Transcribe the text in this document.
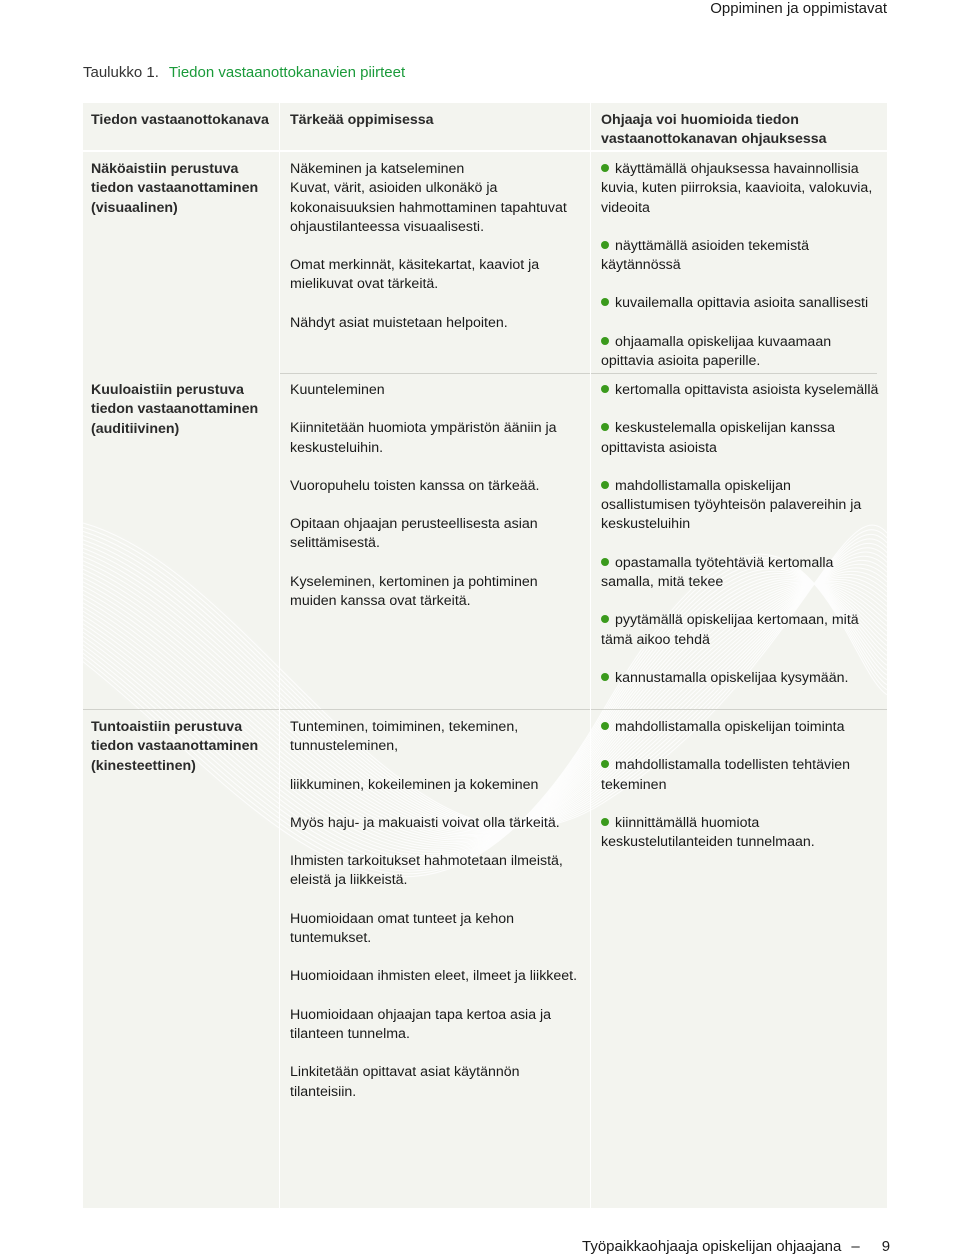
Oppiminen ja oppimistavat
Taulukko 1. Tiedon vastaanottokanavien piirteet
Tiedon vastaanottokanava Tärkeää oppimisessa	Ohjaaja voi huomioida tiedon vastaanottokanavan ohjauksessa
Näköaistiin perustuva tiedon vastaanottaminen (visuaalinen)

Näkeminen ja katseleminen
Kuvat, värit, asioiden ulkonäkö ja kokonaisuuksien hahmottaminen tapahtuvat ohjaustilanteessa visuaalisesti.

Omat merkinnät, käsitekartat, kaaviot ja mielikuvat ovat tärkeitä.

Nähdyt asiat muistetaan helpoiten.

käyttämällä ohjauksessa havainnollisia kuvia, kuten piirroksia, kaavioita, valokuvia, videoita
näyttämällä asioiden tekemistä käytännössä
kuvailemalla opittavia asioita sanallisesti
ohjaamalla opiskelijaa kuvaamaan opittavia asioita paperille.
Kuuloaistiin perustuva tiedon vastaanottaminen (auditiivinen)

Kuunteleminen

Kiinnitetään huomiota ympäristön ääniin ja keskusteluihin.

Vuoropuhelu toisten kanssa on tärkeää.

Opitaan ohjaajan perusteellisesta asian selittämisestä.

Kyseleminen, kertominen ja pohtiminen muiden kanssa ovat tärkeitä.

kertomalla opittavista asioista kyselemällä
keskustelemalla opiskelijan kanssa opittavista asioista
mahdollistamalla opiskelijan osallistumisen työyhteisön palavereihin ja keskusteluihin
opastamalla työtehtäviä kertomalla samalla, mitä tekee
pyytämällä opiskelijaa kertomaan, mitä tämä aikoo tehdä
kannustamalla opiskelijaa kysymään.
Tuntoaistiin perustuva tiedon vastaanottaminen (kinesteettinen)

Tunteminen, toimiminen, tekeminen, tunnusteleminen,

liikkuminen, kokeileminen ja kokeminen

Myös haju- ja makuaisti voivat olla tärkeitä.

Ihmisten tarkoitukset hahmotetaan ilmeistä, eleistä ja liikkeistä.

Huomioidaan omat tunteet ja kehon tuntemukset.

Huomioidaan ihmisten eleet, ilmeet ja liikkeet.

Huomioidaan ohjaajan tapa kertoa asia ja tilanteen tunnelma.

Linkitetään opittavat asiat käytännön tilanteisiin.

mahdollistamalla opiskelijan toiminta
mahdollistamalla todellisten tehtävien tekeminen
kiinnittämällä huomiota keskustelutilanteiden tunnelmaan.
Työpaikkaohjaaja opiskelijan ohjaajana – 9
